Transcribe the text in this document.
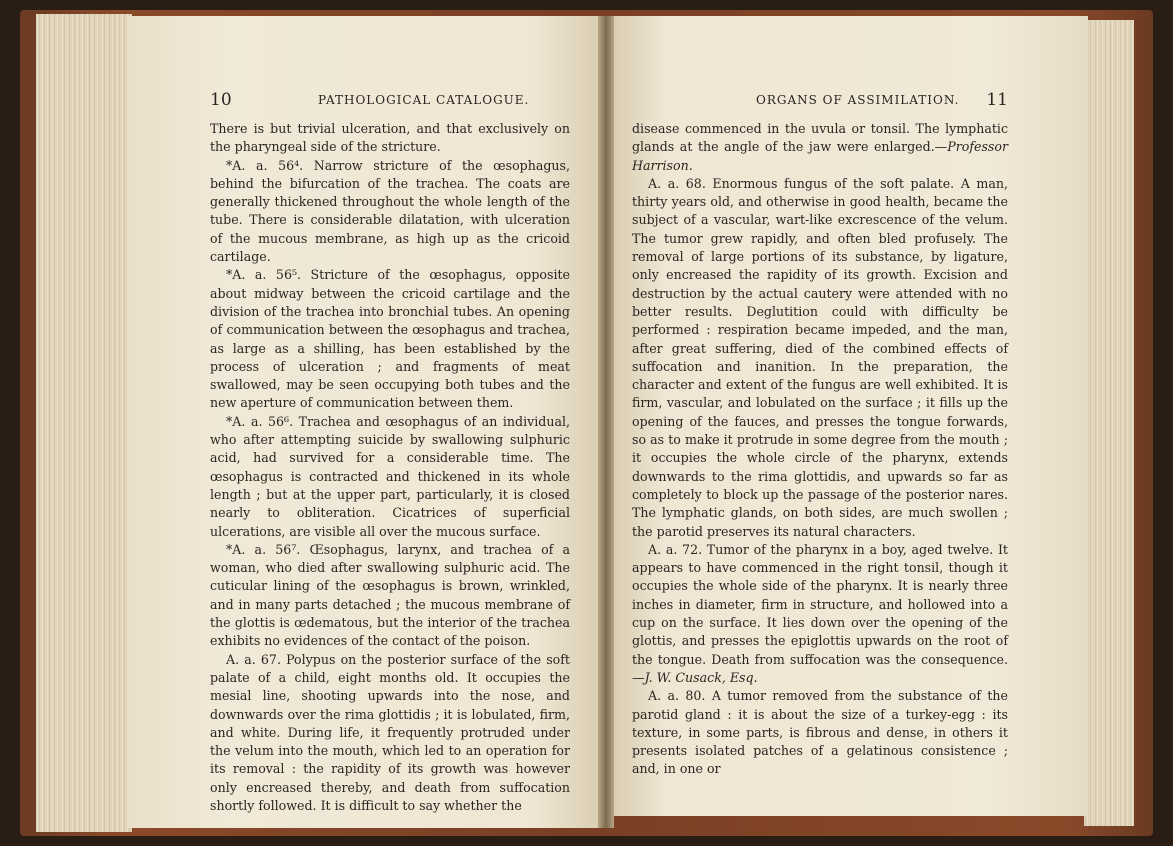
10	PATHOLOGICAL CATALOGUE.

There is but trivial ulceration, and that exclusively on the pharyngeal side of the stricture.

*A. a. 56⁴. Narrow stricture of the œsophagus, behind the bifurcation of the trachea. The coats are generally thickened throughout the whole length of the tube. There is considerable dilatation, with ulceration of the mucous membrane, as high up as the cricoid cartilage.

*A. a. 56⁵. Stricture of the œsophagus, opposite about midway between the cricoid cartilage and the division of the trachea into bronchial tubes. An opening of communication between the œsophagus and trachea, as large as a shilling, has been established by the process of ulceration ; and fragments of meat swallowed, may be seen occupying both tubes and the new aperture of communication between them.

*A. a. 56⁶. Trachea and œsophagus of an individual, who after attempting suicide by swallowing sulphuric acid, had survived for a considerable time. The œsophagus is contracted and thickened in its whole length ; but at the upper part, particularly, it is closed nearly to obliteration. Cicatrices of superficial ulcerations, are visible all over the mucous surface.

*A. a. 56⁷. Œsophagus, larynx, and trachea of a woman, who died after swallowing sulphuric acid. The cuticular lining of the œsophagus is brown, wrinkled, and in many parts detached ; the mucous membrane of the glottis is œdematous, but the interior of the trachea exhibits no evidences of the contact of the poison.

A. a. 67. Polypus on the posterior surface of the soft palate of a child, eight months old. It occupies the mesial line, shooting upwards into the nose, and downwards over the rima glottidis ; it is lobulated, firm, and white. During life, it frequently protruded under the velum into the mouth, which led to an operation for its removal : the rapidity of its growth was however only encreased thereby, and death from suffocation shortly followed. It is difficult to say whether the

ORGANS OF ASSIMILATION. 11

disease commenced in the uvula or tonsil. The lymphatic glands at the angle of the jaw were enlarged.—Professor Harrison.

A. a. 68. Enormous fungus of the soft palate. A man, thirty years old, and otherwise in good health, became the subject of a vascular, wart-like excrescence of the velum. The tumor grew rapidly, and often bled profusely. The removal of large portions of its substance, by ligature, only encreased the rapidity of its growth. Excision and destruction by the actual cautery were attended with no better results. Deglutition could with difficulty be performed : respiration became impeded, and the man, after great suffering, died of the combined effects of suffocation and inanition. In the preparation, the character and extent of the fungus are well exhibited. It is firm, vascular, and lobulated on the surface ; it fills up the opening of the fauces, and presses the tongue forwards, so as to make it protrude in some degree from the mouth ; it occupies the whole circle of the pharynx, extends downwards to the rima glottidis, and upwards so far as completely to block up the passage of the posterior nares. The lymphatic glands, on both sides, are much swollen ; the parotid preserves its natural characters.

A. a. 72. Tumor of the pharynx in a boy, aged twelve. It appears to have commenced in the right tonsil, though it occupies the whole side of the pharynx. It is nearly three inches in diameter, firm in structure, and hollowed into a cup on the surface. It lies down over the opening of the glottis, and presses the epiglottis upwards on the root of the tongue. Death from suffocation was the consequence.—J. W. Cusack, Esq.

A. a. 80. A tumor removed from the substance of the parotid gland : it is about the size of a turkey-egg : its texture, in some parts, is fibrous and dense, in others it presents isolated patches of a gelatinous consistence ; and, in one or
